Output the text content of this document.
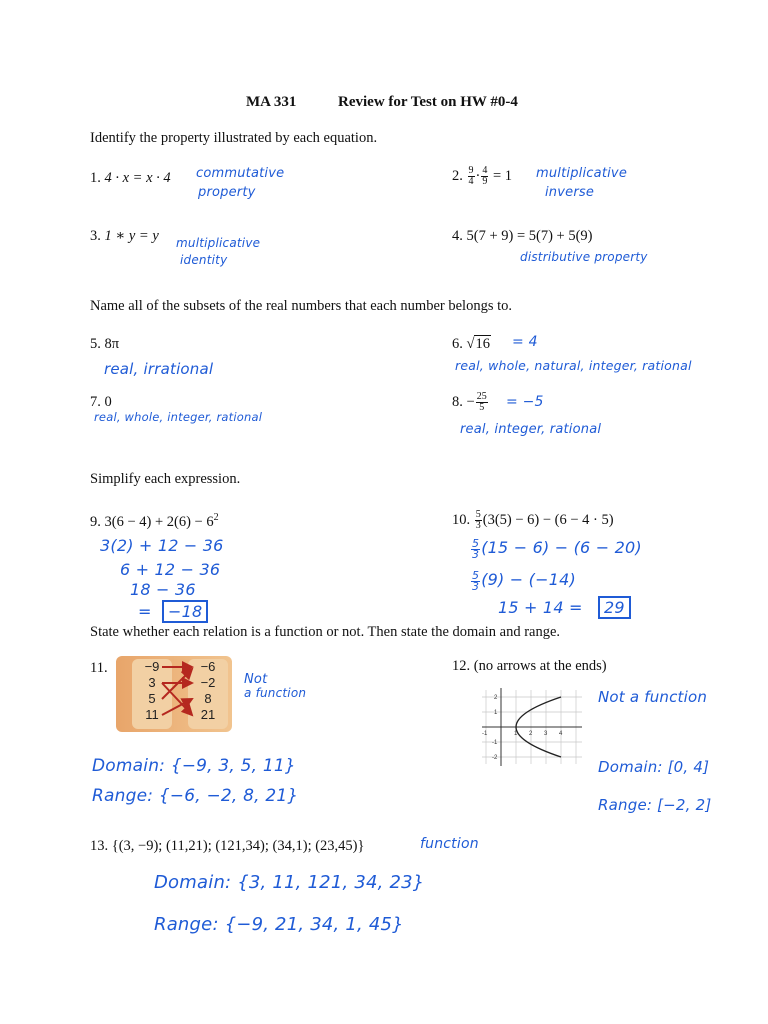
MA 331	Review for Test on HW #0-4
Identify the property illustrated by each equation.
1. 4 · x = x · 4 commutative
property
2. $\frac{9}{4} \cdot \frac{4}{9} = 1$ multiplicative
inverse
3. 1 ∗ y = y multiplicative
identity
4. 5(7 + 9) = 5(7) + 5(9)
distributive property
Name all of the subsets of the real numbers that each number belongs to.
5. 8π
real, irrational
6. √16 = 4
real, whole, natural, integer, rational
7. 0
real, whole, integer, rational
8. − $\frac{25}{5} = -5$
real, integer, rational
Simplify each expression.
9. $3(6 - 4) + 2(6) - 6^2$
3(2) + 12 − 36
6 + 12 − 36
18 − 36
=	−18
10. $\frac{5}{3} (3(5) - 6) - (6 - 4 \cdot 5)$
$\frac{5}{3} (15 - 6) - (6 - 20)$
$\frac{5}{3} (9) - (-14)$
15 + 14 =	29
State whether each relation is a function or not. Then state the domain and range.
11.	−9
3
5
11
−6
−2
8
21
Not
a function
Domain: {−9, 3, 5, 11}
Range: {−6, −2, 8, 21}
12. (no arrows at the ends)
-1	1 2 3 4
2
1
-1
-2
Not a function
Domain: [0, 4]
Range: [−2, 2]
13. {(3, −9); (11,21); (121,34); (34,1); (23,45)}	function
Domain: {3, 11, 121, 34, 23}
Range: {−9, 21, 34, 1, 45}
